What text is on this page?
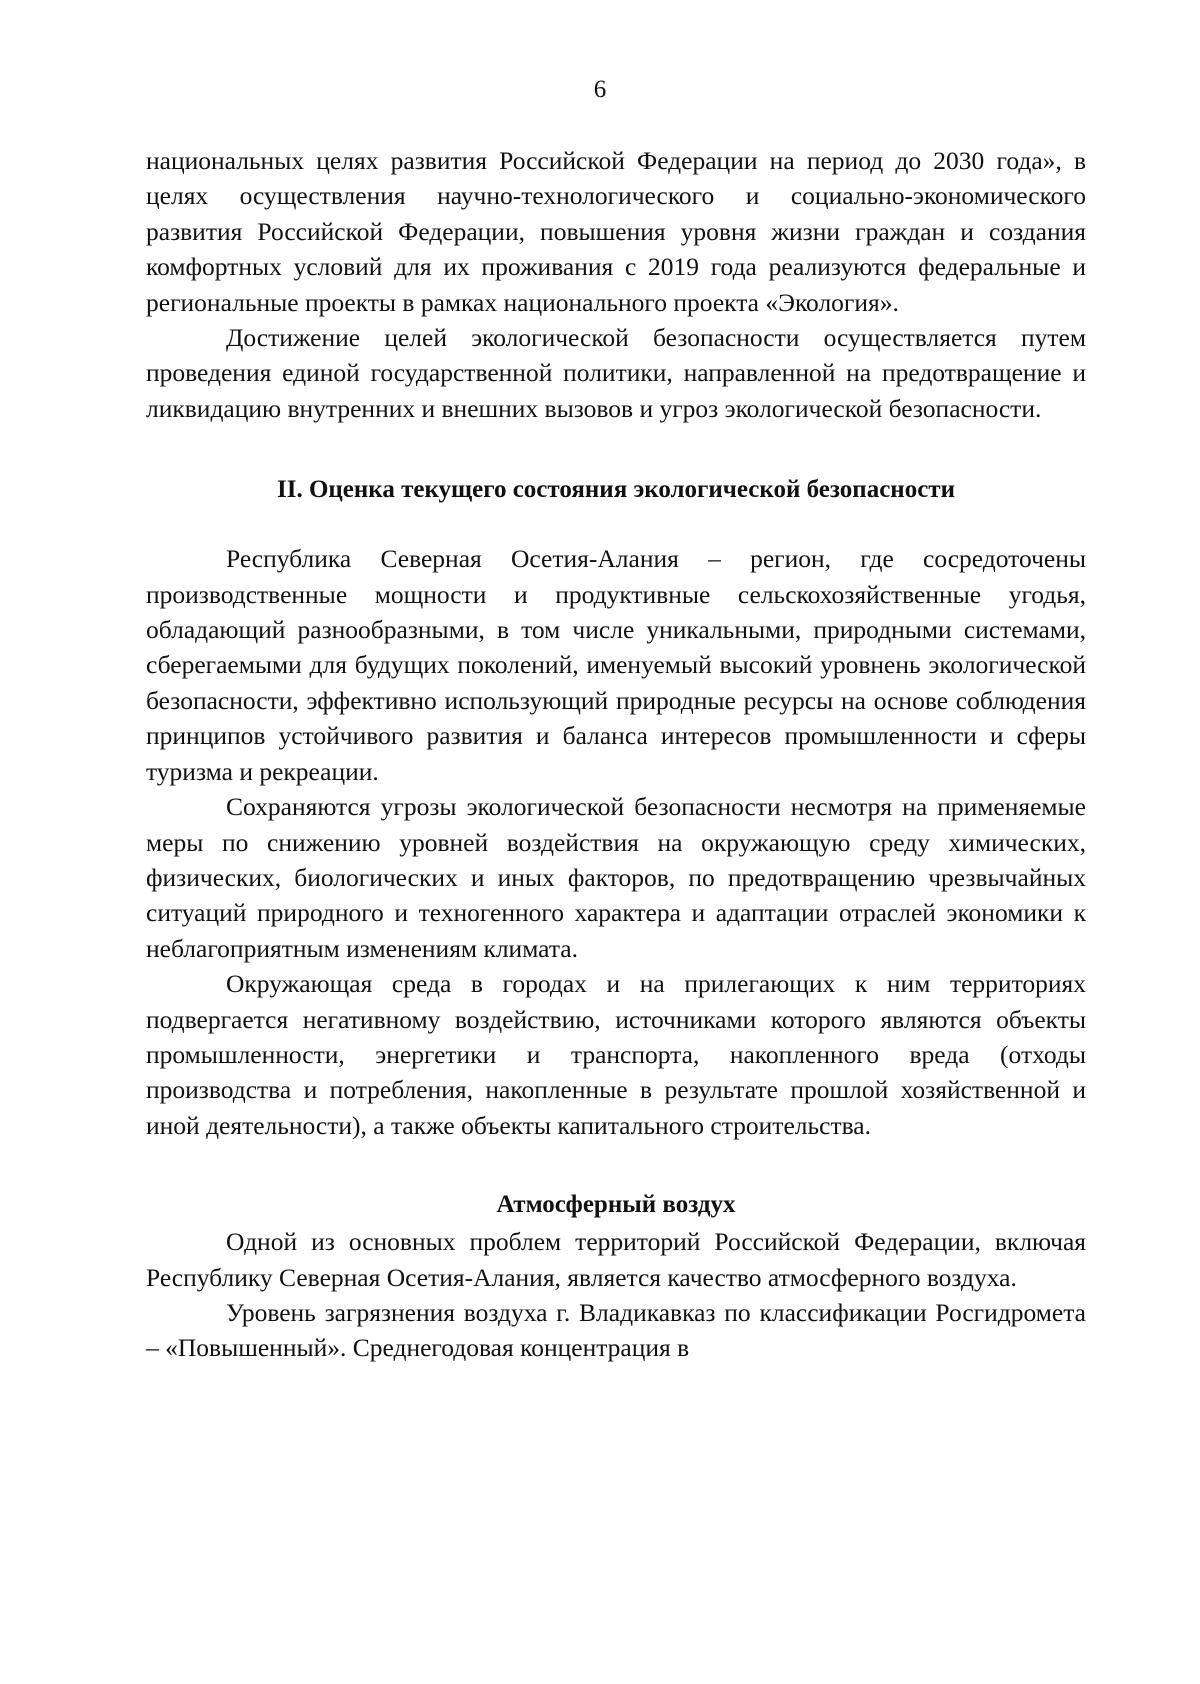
6

национальных целях развития Российской Федерации на период до 2030 года», в целях осуществления научно-технологического и социально-экономического развития Российской Федерации, повышения уровня жизни граждан и создания комфортных условий для их проживания с 2019 года реализуются федеральные и региональные проекты в рамках национального проекта «Экология».

Достижение целей экологической безопасности осуществляется путем проведения единой государственной политики, направленной на предотвращение и ликвидацию внутренних и внешних вызовов и угроз экологической безопасности.

II. Оценка текущего состояния экологической безопасности

Республика Северная Осетия-Алания – регион, где сосредоточены производственные мощности и продуктивные сельскохозяйственные угодья, обладающий разнообразными, в том числе уникальными, природными системами, сберегаемыми для будущих поколений, именуемый высокий уровнень экологической безопасности, эффективно использующий природные ресурсы на основе соблюдения принципов устойчивого развития и баланса интересов промышленности и сферы туризма и рекреации.

Сохраняются угрозы экологической безопасности несмотря на применяемые меры по снижению уровней воздействия на окружающую среду химических, физических, биологических и иных факторов, по предотвращению чрезвычайных ситуаций природного и техногенного характера и адаптации отраслей экономики к неблагоприятным изменениям климата.

Окружающая среда в городах и на прилегающих к ним территориях подвергается негативному воздействию, источниками которого являются объекты промышленности, энергетики и транспорта, накопленного вреда (отходы производства и потребления, накопленные в результате прошлой хозяйственной и иной деятельности), а также объекты капитального строительства.

Атмосферный воздух

Одной из основных проблем территорий Российской Федерации, включая Республику Северная Осетия-Алания, является качество атмосферного воздуха.

Уровень загрязнения воздуха г. Владикавказ по классификации Росгидромета – «Повышенный». Среднегодовая концентрация в
